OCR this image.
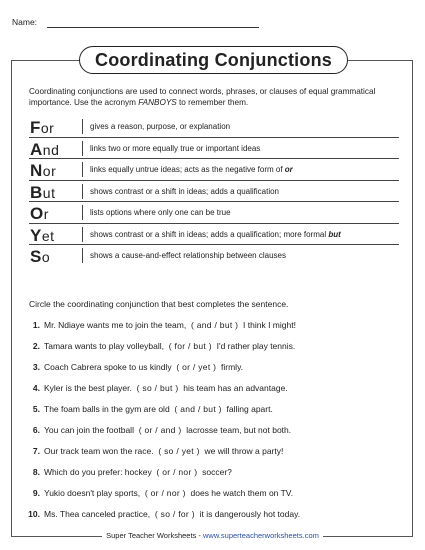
Name:
Coordinating Conjunctions
Coordinating conjunctions are used to connect words, phrases, or clauses of equal grammatical importance. Use the acronym FANBOYS to remember them.
For	gives a reason, purpose, or explanation
And	links two or more equally true or important ideas
Nor	links equally untrue ideas; acts as the negative form of or
But	shows contrast or a shift in ideas; adds a qualification
Or	lists options where only one can be true
Yet	shows contrast or a shift in ideas; adds a qualification; more formal but
So	shows a cause-and-effect relationship between clauses
Circle the coordinating conjunction that best completes the sentence.
1. Mr. Ndiaye wants me to join the team, ( and / but ) I think I might!
2. Tamara wants to play volleyball, ( for / but ) I'd rather play tennis.
3. Coach Cabrera spoke to us kindly ( or / yet ) firmly.
4. Kyler is the best player. ( so / but ) his team has an advantage.
5. The foam balls in the gym are old ( and / but ) falling apart.
6. You can join the football ( or / and ) lacrosse team, but not both.
7. Our track team won the race. ( so / yet ) we will throw a party!
8. Which do you prefer: hockey ( or / nor ) soccer?
9. Yukio doesn't play sports, ( or / nor ) does he watch them on TV.
10. Ms. Thea canceled practice, ( so / for ) it is dangerously hot today.
Super Teacher Worksheets - www.superteacherworksheets.com
